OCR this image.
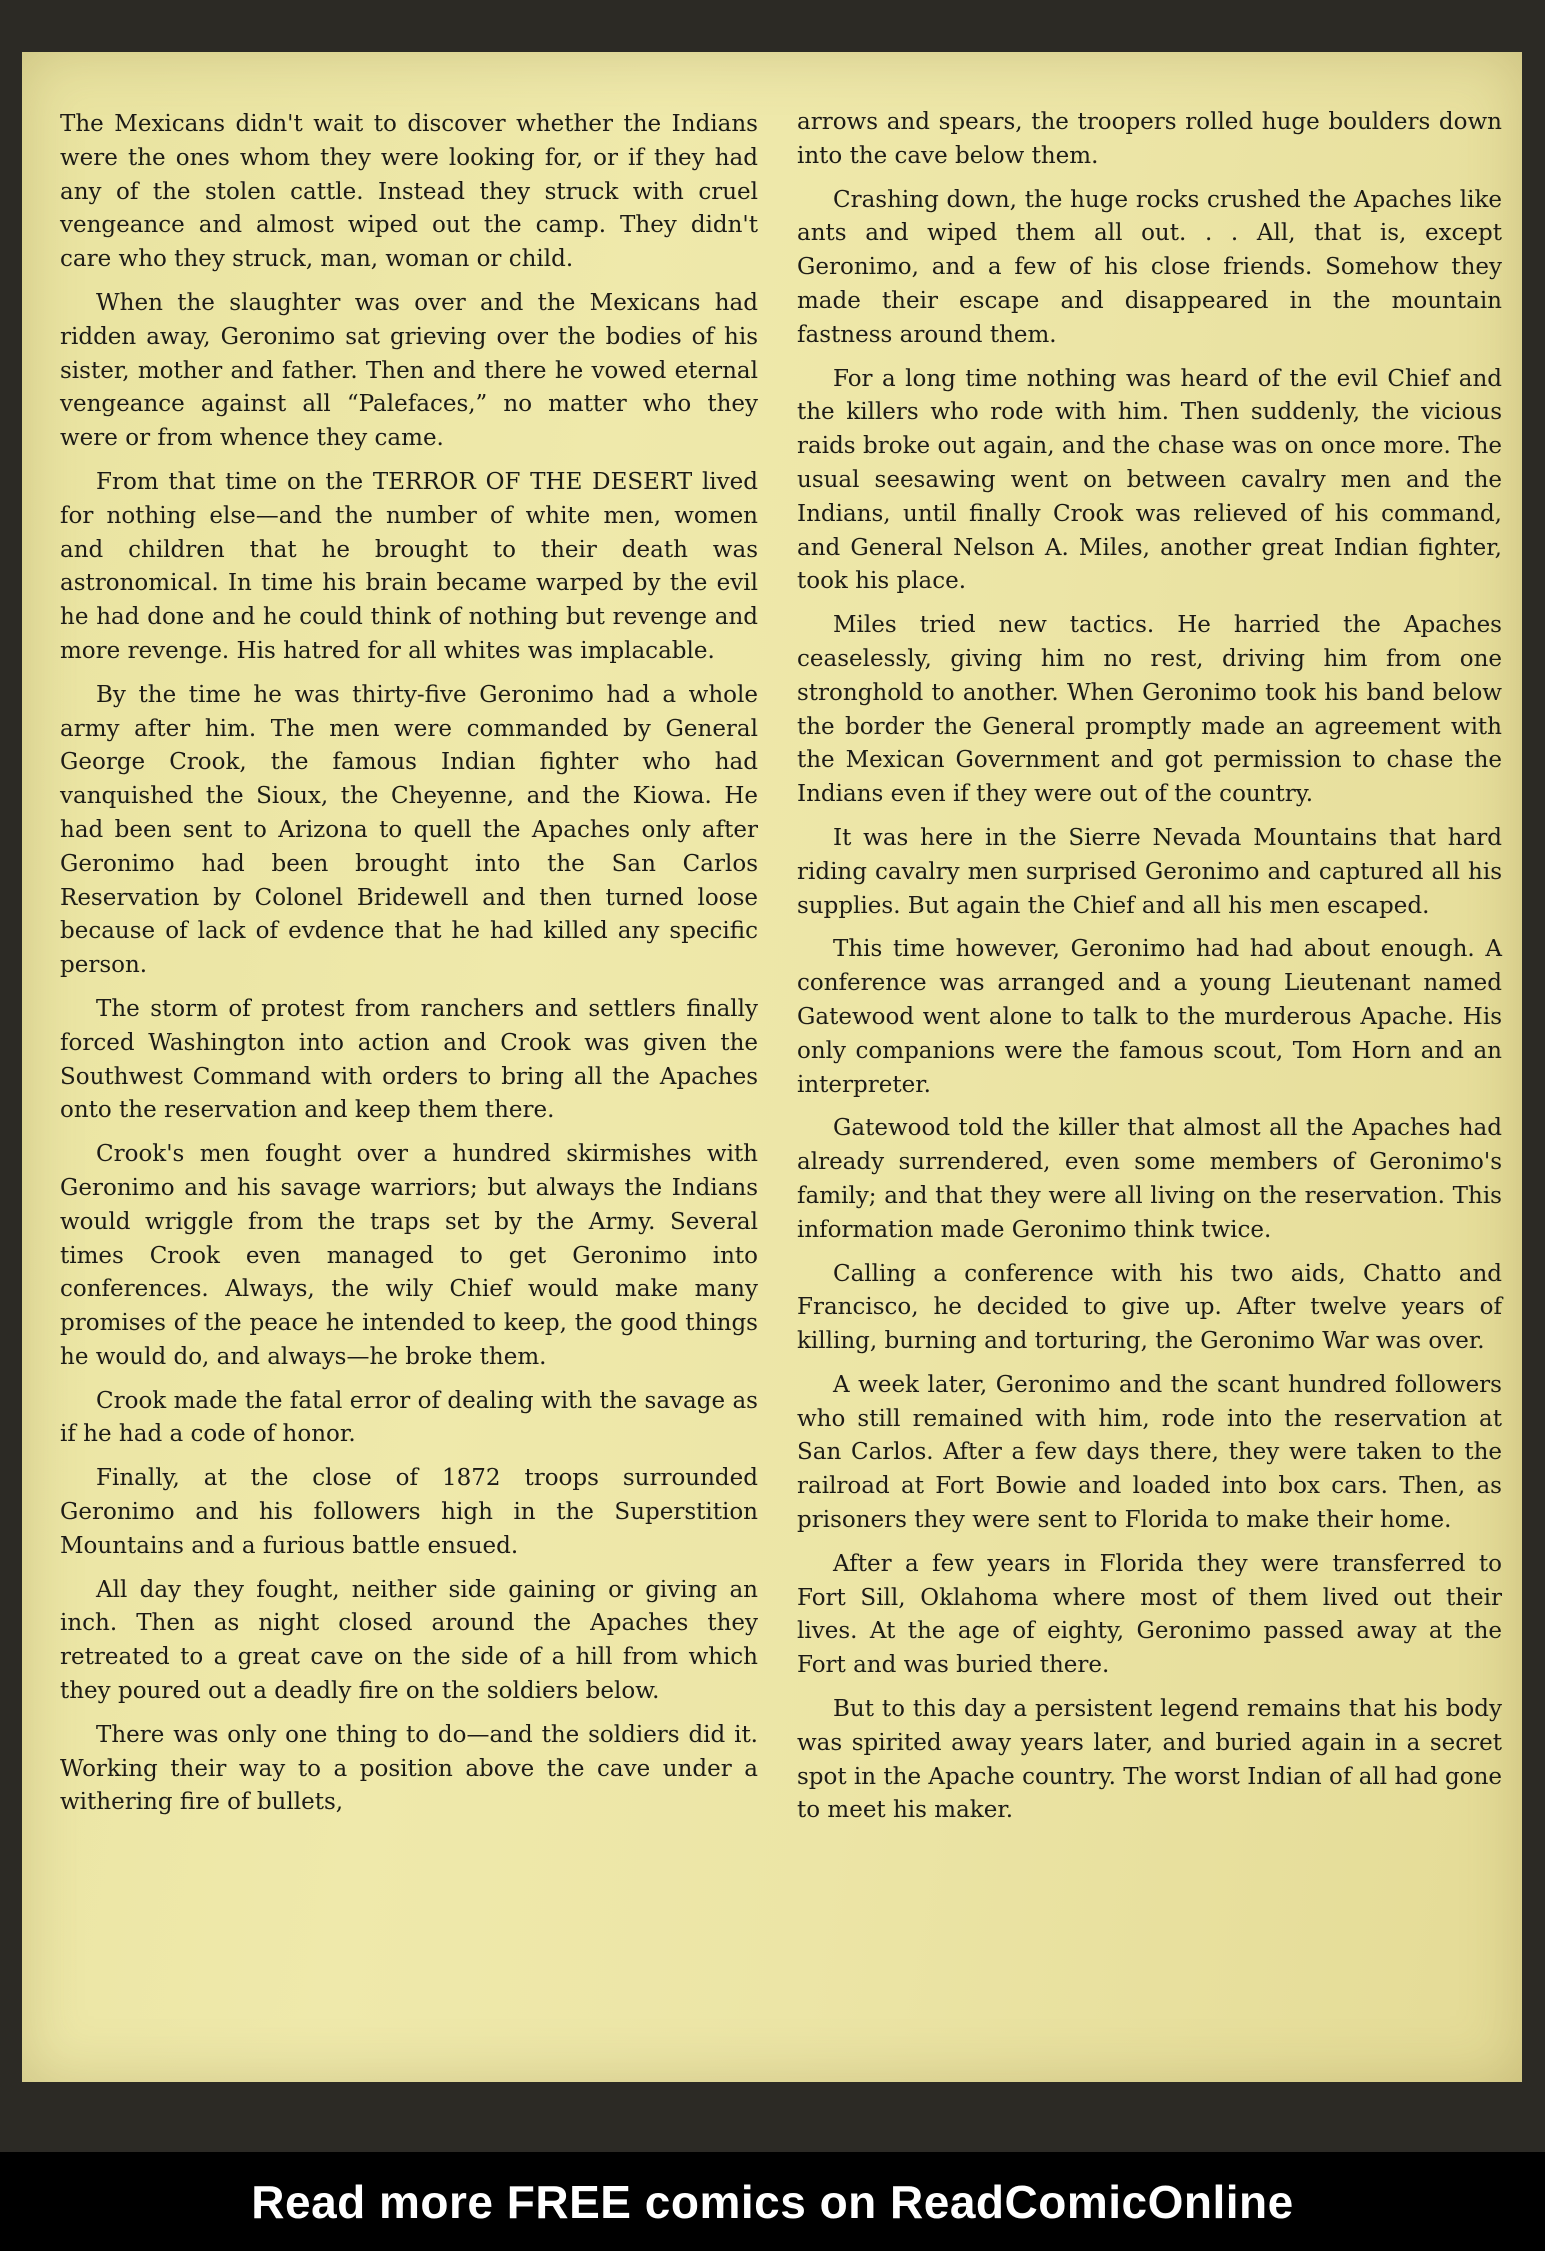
The Mexicans didn't wait to discover whether the Indians were the ones whom they were looking for, or if they had any of the stolen cattle. Instead they struck with cruel vengeance and almost wiped out the camp. They didn't care who they struck, man, woman or child.

When the slaughter was over and the Mexicans had ridden away, Geronimo sat grieving over the bodies of his sister, mother and father. Then and there he vowed eternal vengeance against all “Palefaces,” no matter who they were or from whence they came.

From that time on the TERROR OF THE DESERT lived for nothing else—and the number of white men, women and children that he brought to their death was astronomical. In time his brain became warped by the evil he had done and he could think of nothing but revenge and more revenge. His hatred for all whites was implacable.

By the time he was thirty-five Geronimo had a whole army after him. The men were commanded by General George Crook, the famous Indian fighter who had vanquished the Sioux, the Cheyenne, and the Kiowa. He had been sent to Arizona to quell the Apaches only after Geronimo had been brought into the San Carlos Reservation by Colonel Bridewell and then turned loose because of lack of evdence that he had killed any specific person.

The storm of protest from ranchers and settlers finally forced Washington into action and Crook was given the Southwest Command with orders to bring all the Apaches onto the reservation and keep them there.

Crook's men fought over a hundred skirmishes with Geronimo and his savage warriors; but always the Indians would wriggle from the traps set by the Army. Several times Crook even managed to get Geronimo into conferences. Always, the wily Chief would make many promises of the peace he intended to keep, the good things he would do, and always—he broke them.

Crook made the fatal error of dealing with the savage as if he had a code of honor.

Finally, at the close of 1872 troops surrounded Geronimo and his followers high in the Superstition Mountains and a furious battle ensued.

All day they fought, neither side gaining or giving an inch. Then as night closed around the Apaches they retreated to a great cave on the side of a hill from which they poured out a deadly fire on the soldiers below.

There was only one thing to do—and the soldiers did it. Working their way to a position above the cave under a withering fire of bullets,

arrows and spears, the troopers rolled huge boulders down into the cave below them.

Crashing down, the huge rocks crushed the Apaches like ants and wiped them all out. . . All, that is, except Geronimo, and a few of his close friends. Somehow they made their escape and disappeared in the mountain fastness around them.

For a long time nothing was heard of the evil Chief and the killers who rode with him. Then suddenly, the vicious raids broke out again, and the chase was on once more. The usual seesawing went on between cavalry men and the Indians, until finally Crook was relieved of his command, and General Nelson A. Miles, another great Indian fighter, took his place.

Miles tried new tactics. He harried the Apaches ceaselessly, giving him no rest, driving him from one stronghold to another. When Geronimo took his band below the border the General promptly made an agreement with the Mexican Government and got permission to chase the Indians even if they were out of the country.

It was here in the Sierre Nevada Mountains that hard riding cavalry men surprised Geronimo and captured all his supplies. But again the Chief and all his men escaped.

This time however, Geronimo had had about enough. A conference was arranged and a young Lieutenant named Gatewood went alone to talk to the murderous Apache. His only companions were the famous scout, Tom Horn and an interpreter.

Gatewood told the killer that almost all the Apaches had already surrendered, even some members of Geronimo's family; and that they were all living on the reservation. This information made Geronimo think twice.

Calling a conference with his two aids, Chatto and Francisco, he decided to give up. After twelve years of killing, burning and torturing, the Geronimo War was over.

A week later, Geronimo and the scant hundred followers who still remained with him, rode into the reservation at San Carlos. After a few days there, they were taken to the railroad at Fort Bowie and loaded into box cars. Then, as prisoners they were sent to Florida to make their home.

After a few years in Florida they were transferred to Fort Sill, Oklahoma where most of them lived out their lives. At the age of eighty, Geronimo passed away at the Fort and was buried there.

But to this day a persistent legend remains that his body was spirited away years later, and buried again in a secret spot in the Apache country. The worst Indian of all had gone to meet his maker.

Read more FREE comics on ReadComicOnline
